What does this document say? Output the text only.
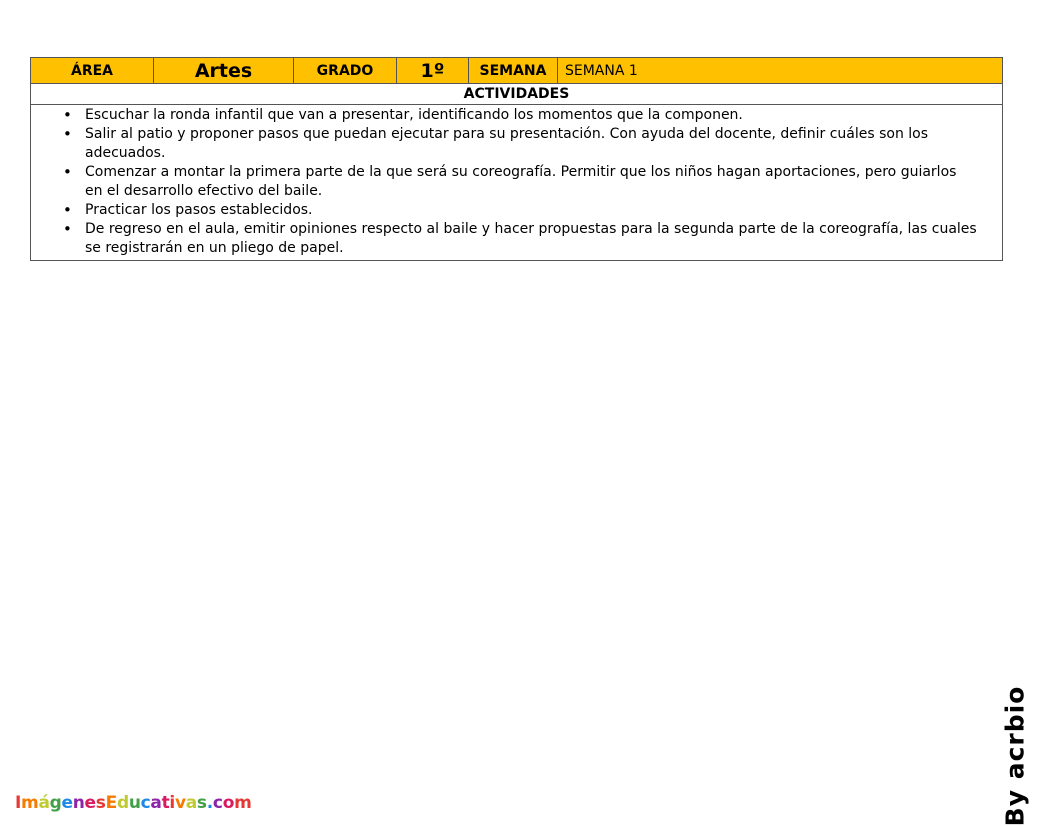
ÁREA	Artes	GRADO	1º	SEMANA	SEMANA 1
ACTIVIDADES

• Escuchar la ronda infantil que van a presentar, identificando los momentos que la componen.
• Salir al patio y proponer pasos que puedan ejecutar para su presentación. Con ayuda del docente, definir cuáles son los adecuados.
• Comenzar a montar la primera parte de la que será su coreografía. Permitir que los niños hagan aportaciones, pero guiarlos en el desarrollo efectivo del baile.
• Practicar los pasos establecidos.
• De regreso en el aula, emitir opiniones respecto al baile y hacer propuestas para la segunda parte de la coreografía, las cuales se registrarán en un pliego de papel.
ImágenesEducativas.com	By acrbio
